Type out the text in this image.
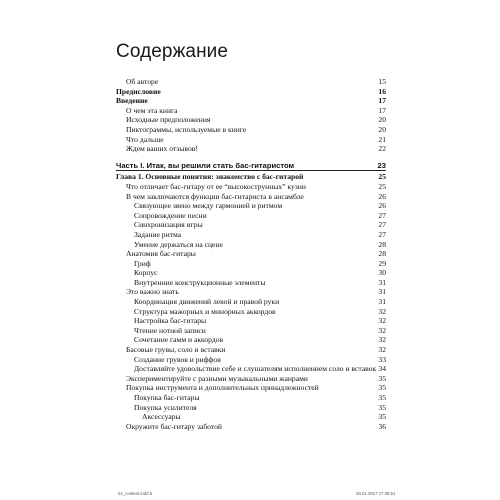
Содержание
Об авторе	15
Предисловие	16
Введение	17
О чем эта книга	17
Исходные предположения	20
Пиктограммы, используемые в книге	20
Что дальше	21
Ждем ваших отзывов!	22
Часть I. Итак, вы решили стать бас-гитаристом	23
Глава 1. Основные понятия: знакомство с бас-гитарой	25
Что отличает бас-гитару от ее “высокострунных” кузин	25
В чем заключаются функции бас-гитариста в ансамбле	26
Связующее звено между гармонией и ритмом	26
Сопровождение песни	27
Синхронизация игры	27
Задание ритма	27
Умение держаться на сцене	28
Анатомия бас-гитары	28
Гриф	29
Корпус	30
Внутренние конструкционные элементы	31
Это важно знать	31
Координация движений левой и правой руки	31
Структура мажорных и минорных аккордов	32
Настройка бас-гитары	32
Чтение нотной записи	32
Сочетание гамм и аккордов	32
Басовые грувы, соло и вставки	32
Создание грувов и риффов	33
Доставляйте удовольствие себе и слушателям исполнением соло и вставок 34
Экспериментируйте с разными музыкальными жанрами	35
Покупка инструмента и дополнительных принадлежностей	35
Покупка бас-гитары	35
Покупка усилителя	35
Аксессуары	35
Окружите бас-гитару заботой	36
01_content.indd 6	28.01.2017 17:38:51
